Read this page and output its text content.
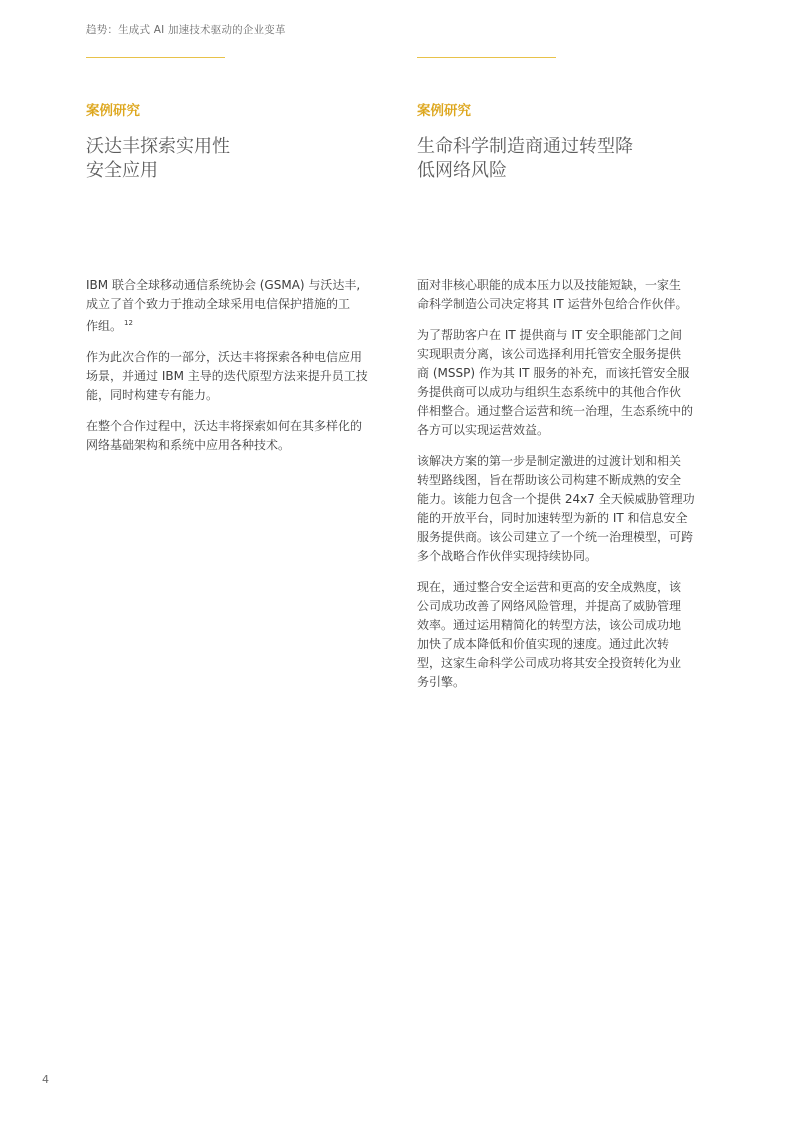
趋势：生成式 AI 加速技术驱动的企业变革
案例研究
沃达丰探索实用性
安全应用
IBM 联合全球移动通信系统协会 (GSMA) 与沃达丰,
成立了首个致力于推动全球采用电信保护措施的工
作组。 $^{12}$
作为此次合作的一部分，沃达丰将探索各种电信应用
场景，并通过 IBM 主导的迭代原型方法来提升员工技
能，同时构建专有能力。
在整个合作过程中，沃达丰将探索如何在其多样化的
网络基础架构和系统中应用各种技术。
案例研究
生命科学制造商通过转型降
低网络风险
面对非核心职能的成本压力以及技能短缺，一家生
命科学制造公司决定将其 IT 运营外包给合作伙伴。
为了帮助客户在 IT 提供商与 IT 安全职能部门之间
实现职责分离，该公司选择利用托管安全服务提供
商 (MSSP) 作为其 IT 服务的补充，而该托管安全服
务提供商可以成功与组织生态系统中的其他合作伙
伴相整合。通过整合运营和统一治理，生态系统中的
各方可以实现运营效益。
该解决方案的第一步是制定激进的过渡计划和相关
转型路线图，旨在帮助该公司构建不断成熟的安全
能力。该能力包含一个提供 24x7 全天候威胁管理功
能的开放平台，同时加速转型为新的 IT 和信息安全
服务提供商。该公司建立了一个统一治理模型，可跨
多个战略合作伙伴实现持续协同。
现在，通过整合安全运营和更高的安全成熟度，该
公司成功改善了网络风险管理，并提高了威胁管理
效率。通过运用精简化的转型方法，该公司成功地
加快了成本降低和价值实现的速度。通过此次转
型，这家生命科学公司成功将其安全投资转化为业
务引擎。
4
